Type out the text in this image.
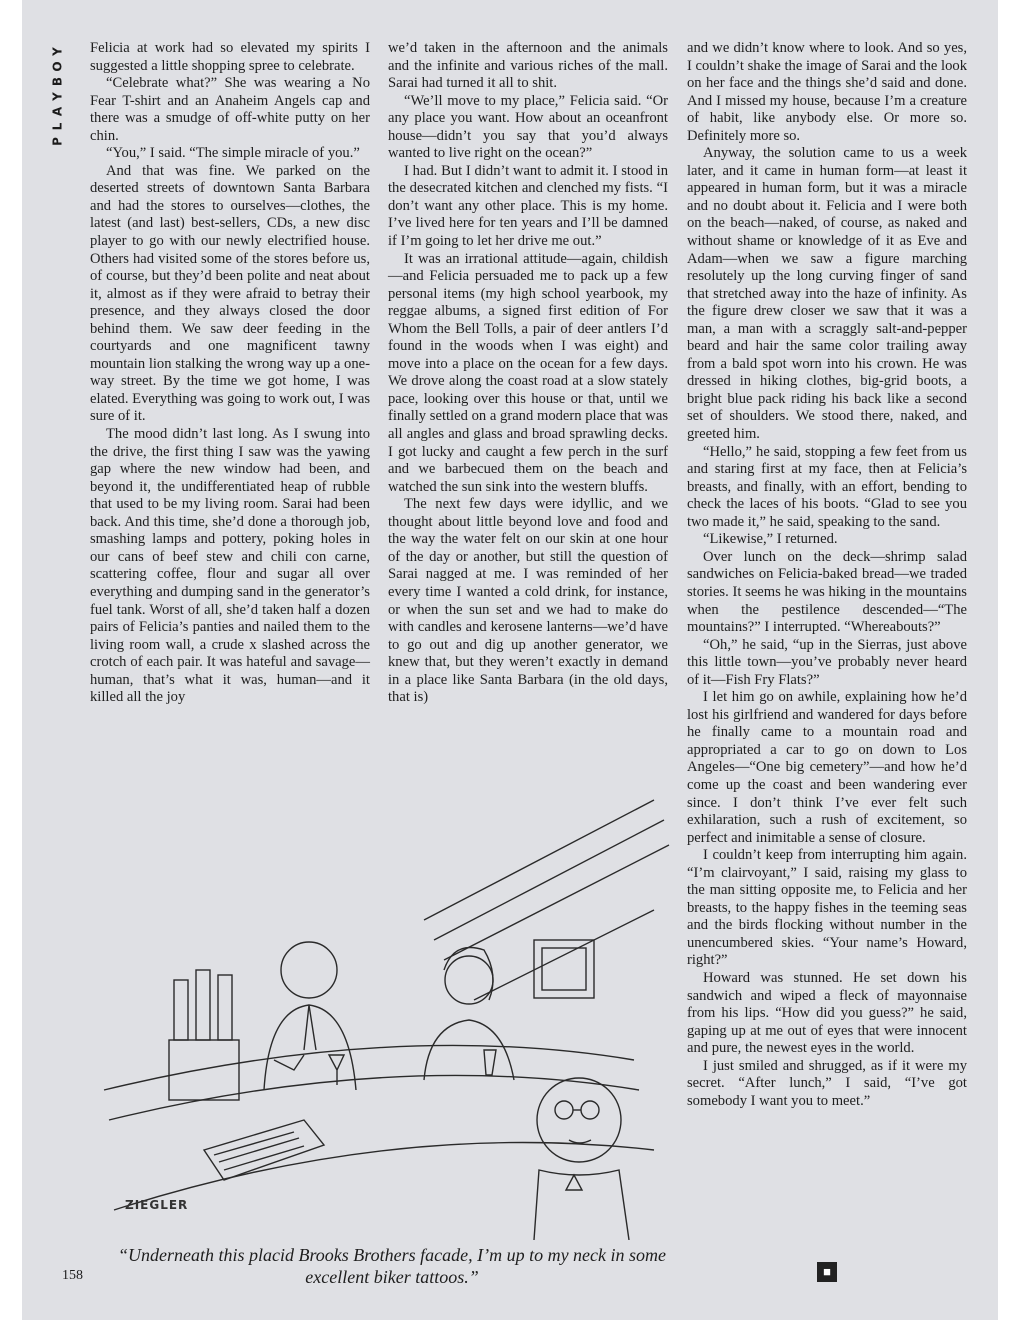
Y
O
B
Y
A
L
P

Felicia at work had so elevated my spirits I suggested a little shopping spree to celebrate.

“Celebrate what?” She was wearing a No Fear T-shirt and an Anaheim Angels cap and there was a smudge of off-white putty on her chin.

“You,” I said. “The simple miracle of you.”

And that was fine. We parked on the deserted streets of downtown Santa Barbara and had the stores to ourselves—clothes, the latest (and last) best-sellers, CDs, a new disc player to go with our newly electrified house. Others had visited some of the stores before us, of course, but they’d been polite and neat about it, almost as if they were afraid to betray their presence, and they always closed the door behind them. We saw deer feeding in the courtyards and one magnificent tawny mountain lion stalking the wrong way up a one-way street. By the time we got home, I was elated. Everything was going to work out, I was sure of it.

The mood didn’t last long. As I swung into the drive, the first thing I saw was the yawing gap where the new window had been, and beyond it, the undifferentiated heap of rubble that used to be my living room. Sarai had been back. And this time, she’d done a thorough job, smashing lamps and pottery, poking holes in our cans of beef stew and chili con carne, scattering coffee, flour and sugar all over everything and dumping sand in the generator’s fuel tank. Worst of all, she’d taken half a dozen pairs of Felicia’s panties and nailed them to the living room wall, a crude x slashed across the crotch of each pair. It was hateful and savage—human, that’s what it was, human—and it killed all the joy

we’d taken in the afternoon and the animals and the infinite and various riches of the mall. Sarai had turned it all to shit.

“We’ll move to my place,” Felicia said. “Or any place you want. How about an oceanfront house—didn’t you say that you’d always wanted to live right on the ocean?”

I had. But I didn’t want to admit it. I stood in the desecrated kitchen and clenched my fists. “I don’t want any other place. This is my home. I’ve lived here for ten years and I’ll be damned if I’m going to let her drive me out.”

It was an irrational attitude—again, childish—and Felicia persuaded me to pack up a few personal items (my high school yearbook, my reggae albums, a signed first edition of For Whom the Bell Tolls, a pair of deer antlers I’d found in the woods when I was eight) and move into a place on the ocean for a few days. We drove along the coast road at a slow stately pace, looking over this house or that, until we finally settled on a grand modern place that was all angles and glass and broad sprawling decks. I got lucky and caught a few perch in the surf and we barbecued them on the beach and watched the sun sink into the western bluffs.

The next few days were idyllic, and we thought about little beyond love and food and the way the water felt on our skin at one hour of the day or another, but still the question of Sarai nagged at me. I was reminded of her every time I wanted a cold drink, for instance, or when the sun set and we had to make do with candles and kerosene lanterns—we’d have to go out and dig up another generator, we knew that, but they weren’t exactly in demand in a place like Santa Barbara (in the old days, that is)

and we didn’t know where to look. And so yes, I couldn’t shake the image of Sarai and the look on her face and the things she’d said and done. And I missed my house, because I’m a creature of habit, like anybody else. Or more so. Definitely more so.

Anyway, the solution came to us a week later, and it came in human form—at least it appeared in human form, but it was a miracle and no doubt about it. Felicia and I were both on the beach—naked, of course, as naked and without shame or knowledge of it as Eve and Adam—when we saw a figure marching resolutely up the long curving finger of sand that stretched away into the haze of infinity. As the figure drew closer we saw that it was a man, a man with a scraggly salt-and-pepper beard and hair the same color trailing away from a bald spot worn into his crown. He was dressed in hiking clothes, big-grid boots, a bright blue pack riding his back like a second set of shoulders. We stood there, naked, and greeted him.

“Hello,” he said, stopping a few feet from us and staring first at my face, then at Felicia’s breasts, and finally, with an effort, bending to check the laces of his boots. “Glad to see you two made it,” he said, speaking to the sand.

“Likewise,” I returned.

Over lunch on the deck—shrimp salad sandwiches on Felicia-baked bread—we traded stories. It seems he was hiking in the mountains when the pestilence descended—“The mountains?” I interrupted. “Whereabouts?”

“Oh,” he said, “up in the Sierras, just above this little town—you’ve probably never heard of it—Fish Fry Flats?”

I let him go on awhile, explaining how he’d lost his girlfriend and wandered for days before he finally came to a mountain road and appropriated a car to go on down to Los Angeles—“One big cemetery”—and how he’d come up the coast and been wandering ever since. I don’t think I’ve ever felt such exhilaration, such a rush of excitement, so perfect and inimitable a sense of closure.

I couldn’t keep from interrupting him again. “I’m clairvoyant,” I said, raising my glass to the man sitting opposite me, to Felicia and her breasts, to the happy fishes in the teeming seas and the birds flocking without number in the unencumbered skies. “Your name’s Howard, right?”

Howard was stunned. He set down his sandwich and wiped a fleck of mayonnaise from his lips. “How did you guess?” he said, gaping up at me out of eyes that were innocent and pure, the newest eyes in the world.

I just smiled and shrugged, as if it were my secret. “After lunch,” I said, “I’ve got somebody I want you to meet.”

ZIEGLER
“Underneath this placid Brooks Brothers facade, I’m up to my neck in some excellent biker tattoos.”
158	■
